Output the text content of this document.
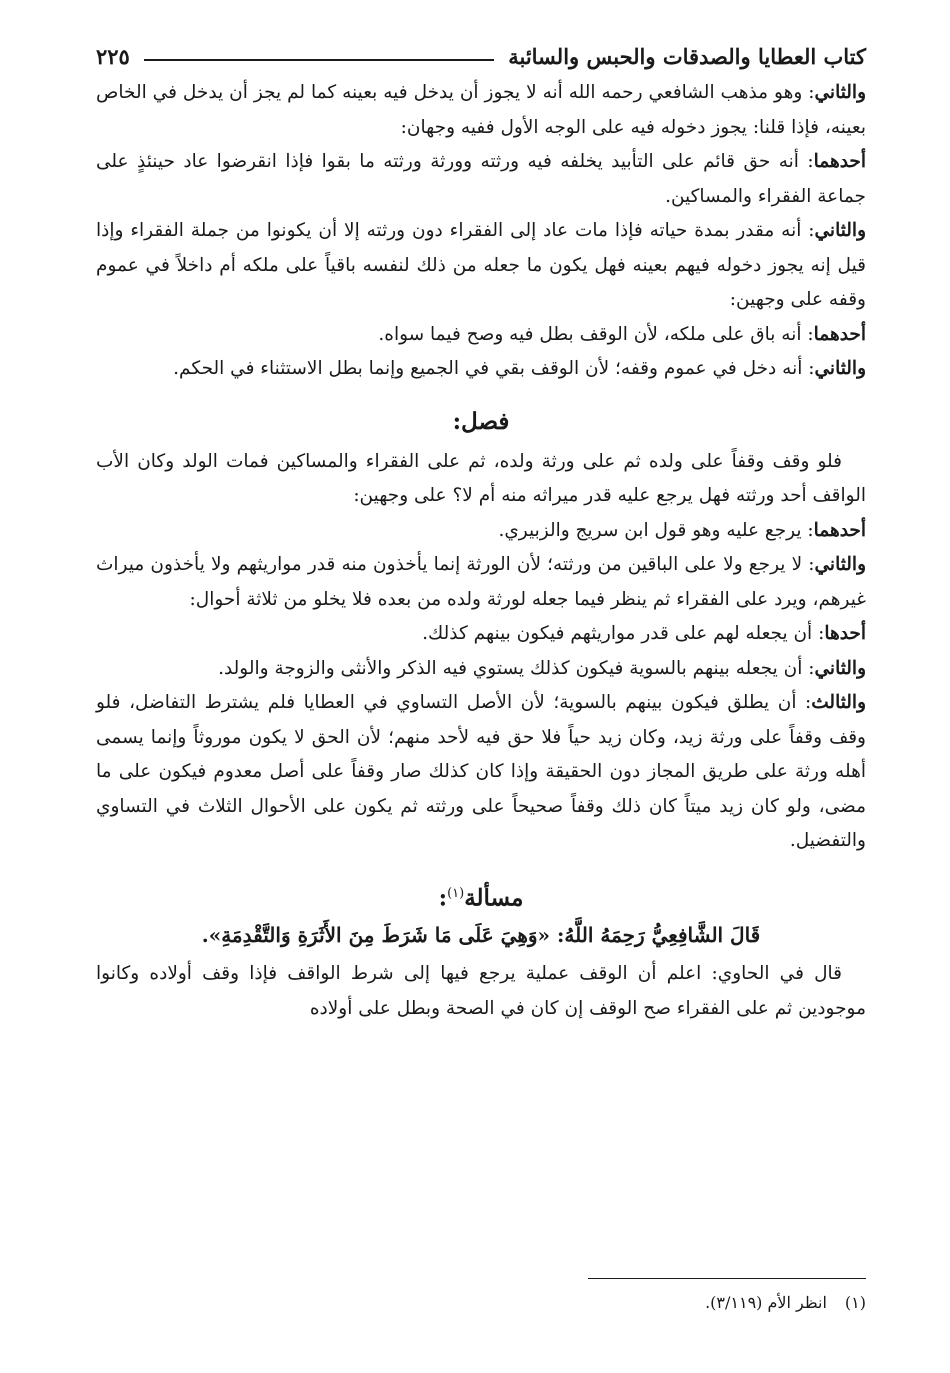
كتاب العطايا والصدقات والحبس والسائبة
٢٢٥

والثاني: وهو مذهب الشافعي رحمه الله أنه لا يجوز أن يدخل فيه بعينه كما لم يجز أن يدخل في الخاص بعينه، فإذا قلنا: يجوز دخوله فيه على الوجه الأول ففيه وجهان:

أحدهما: أنه حق قائم على التأبيد يخلفه فيه ورثته وورثة ورثته ما بقوا فإذا انقرضوا عاد حينئذٍ على جماعة الفقراء والمساكين.

والثاني: أنه مقدر بمدة حياته فإذا مات عاد إلى الفقراء دون ورثته إلا أن يكونوا من جملة الفقراء وإذا قيل إنه يجوز دخوله فيهم بعينه فهل يكون ما جعله من ذلك لنفسه باقياً على ملكه أم داخلاً في عموم وقفه على وجهين:

أحدهما: أنه باق على ملكه، لأن الوقف بطل فيه وصح فيما سواه.

والثاني: أنه دخل في عموم وقفه؛ لأن الوقف بقي في الجميع وإنما بطل الاستثناء في الحكم.

فصل:

فلو وقف وقفاً على ولده ثم على ورثة ولده، ثم على الفقراء والمساكين فمات الولد وكان الأب الواقف أحد ورثته فهل يرجع عليه قدر ميراثه منه أم لا؟ على وجهين:

أحدهما: يرجع عليه وهو قول ابن سريج والزبيري.

والثاني: لا يرجع ولا على الباقين من ورثته؛ لأن الورثة إنما يأخذون منه قدر مواريثهم ولا يأخذون ميراث غيرهم، ويرد على الفقراء ثم ينظر فيما جعله لورثة ولده من بعده فلا يخلو من ثلاثة أحوال:

أحدها: أن يجعله لهم على قدر مواريثهم فيكون بينهم كذلك.

والثاني: أن يجعله بينهم بالسوية فيكون كذلك يستوي فيه الذكر والأنثى والزوجة والولد.

والثالث: أن يطلق فيكون بينهم بالسوية؛ لأن الأصل التساوي في العطايا فلم يشترط التفاضل، فلو وقف وقفاً على ورثة زيد، وكان زيد حياً فلا حق فيه لأحد منهم؛ لأن الحق لا يكون موروثاً وإنما يسمى أهله ورثة على طريق المجاز دون الحقيقة وإذا كان كذلك صار وقفاً على أصل معدوم فيكون على ما مضى، ولو كان زيد ميتاً كان ذلك وقفاً صحيحاً على ورثته ثم يكون على الأحوال الثلاث في التساوي والتفضيل.

مسألة$^{(١)}$:
قَالَ الشَّافِعِيُّ رَحِمَهُ اللَّهُ: «وَهِيَ عَلَى مَا شَرَطَ مِنَ الأَثَرَةِ وَالتَّقْدِمَةِ».

قال في الحاوي: اعلم أن الوقف عملية يرجع فيها إلى شرط الواقف فإذا وقف أولاده وكانوا موجودين ثم على الفقراء صح الوقف إن كان في الصحة وبطل على أولاده

(١)انظر الأم (٣/١١٩).
